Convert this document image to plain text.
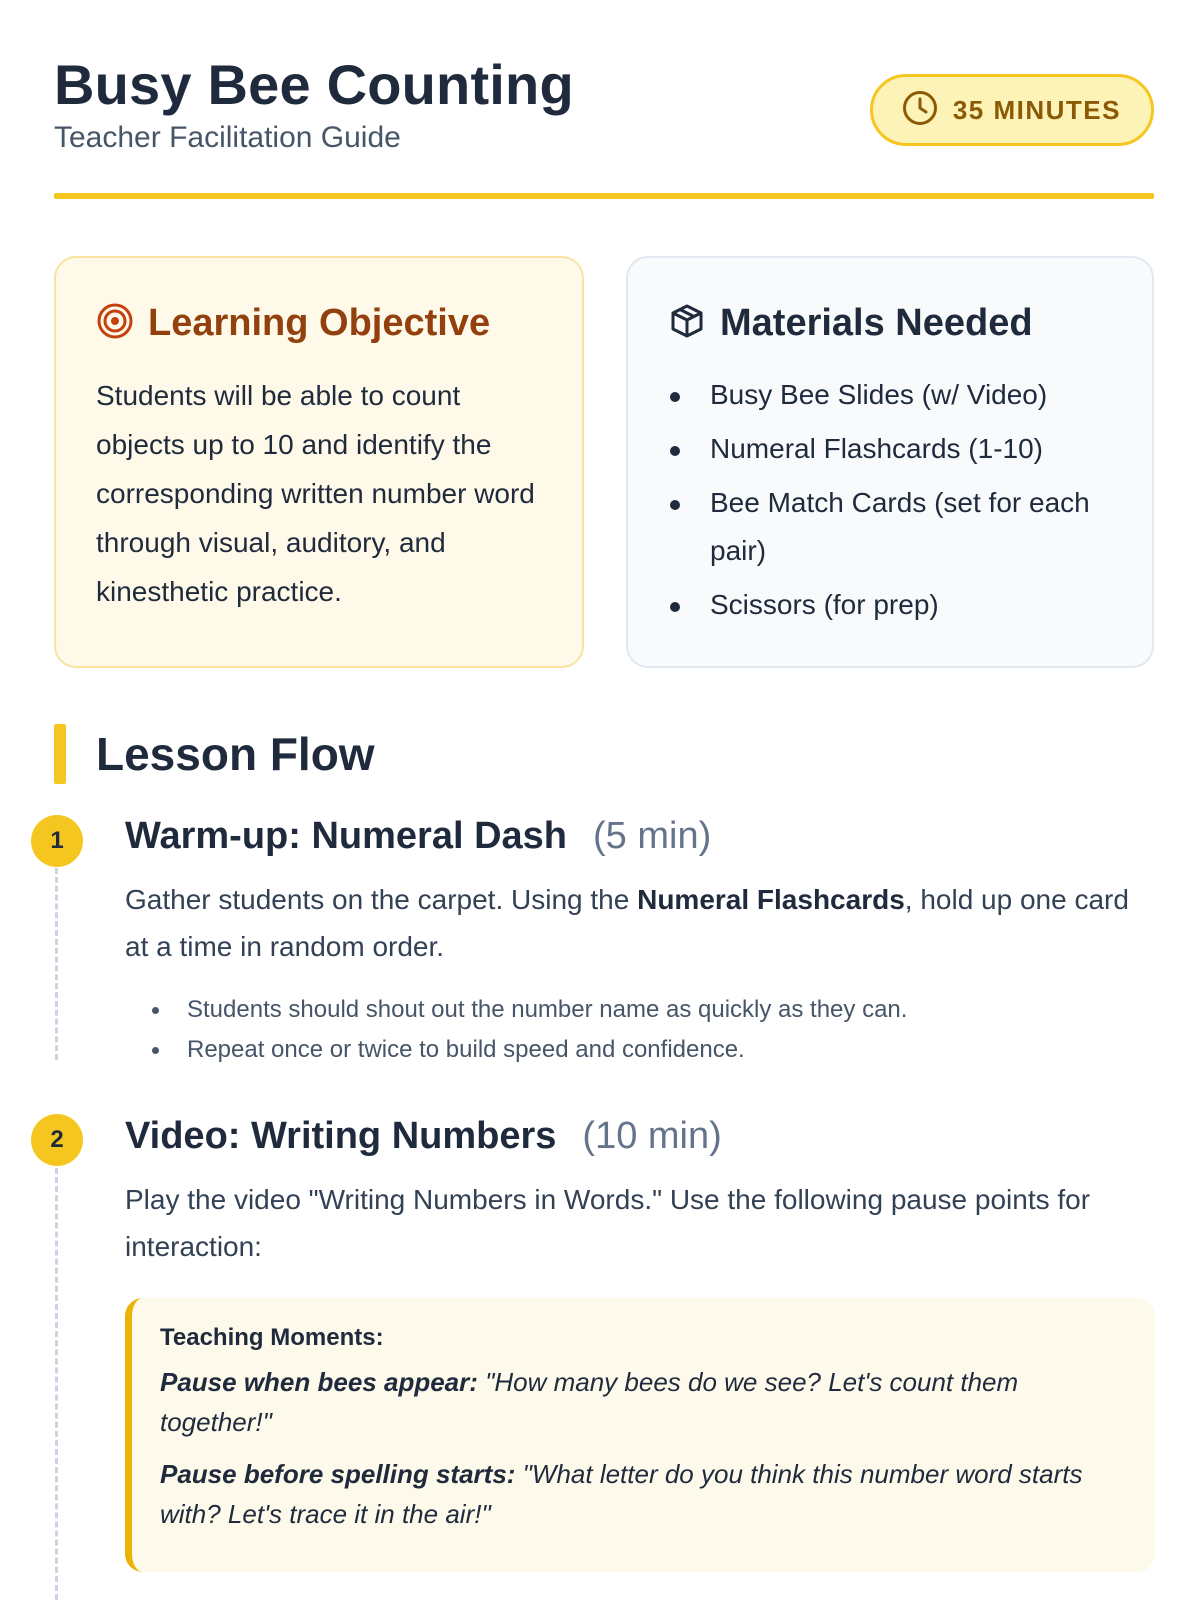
Busy Bee Counting
Teacher Facilitation Guide
35 MINUTES
Learning Objective

Students will be able to count objects up to 10 and identify the corresponding written number word through visual, auditory, and kinesthetic practice.

Materials Needed
Busy Bee Slides (w/ Video)
Numeral Flashcards (1-10)
Bee Match Cards (set for each pair)
Scissors (for prep)
Lesson Flow
1	Warm-up: Numeral Dash (5 min)

Gather students on the carpet. Using the Numeral Flashcards, hold up one card at a time in random order.

Students should shout out the number name as quickly as they can.
Repeat once or twice to build speed and confidence.
2	Video: Writing Numbers (10 min)

Play the video "Writing Numbers in Words." Use the following pause points for interaction:

Teaching Moments:

Pause when bees appear: "How many bees do we see? Let's count them together!"

Pause before spelling starts: "What letter do you think this number word starts with? Let's trace it in the air!"
